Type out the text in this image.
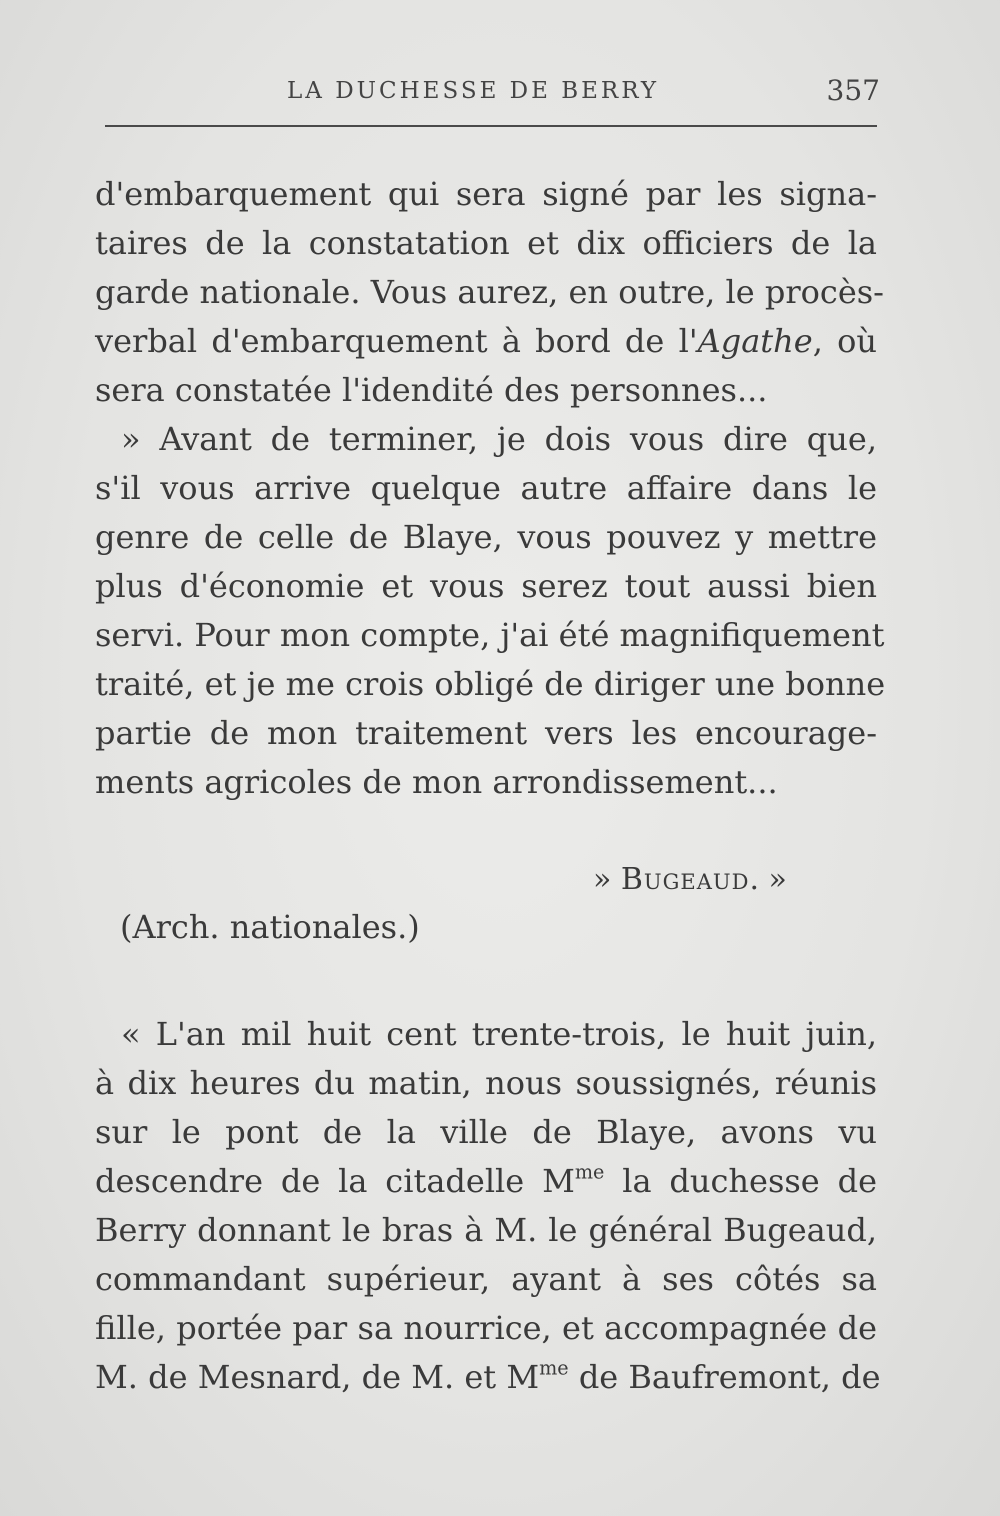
LA DUCHESSE DE BERRY	357
d'embarquement qui sera signé par les signa-
taires de la constatation et dix officiers de la
garde nationale. Vous aurez, en outre, le procès-
verbal d'embarquement à bord de l'Agathe, où
sera constatée l'idendité des personnes...
» Avant de terminer, je dois vous dire que,
s'il vous arrive quelque autre affaire dans le
genre de celle de Blaye, vous pouvez y mettre
plus d'économie et vous serez tout aussi bien
servi. Pour mon compte, j'ai été magnifiquement
traité, et je me crois obligé de diriger une bonne
partie de mon traitement vers les encourage-
ments agricoles de mon arrondissement...
» Bugeaud. »
(Arch. nationales.)
« L'an mil huit cent trente-trois, le huit juin,
à dix heures du matin, nous soussignés, réunis
sur le pont de la ville de Blaye, avons vu
descendre de la citadelle $M^{me}$ la duchesse de
Berry donnant le bras à M. le général Bugeaud,
commandant supérieur, ayant à ses côtés sa
fille, portée par sa nourrice, et accompagnée de
M. de Mesnard, de M. et $M^{me}$ de Baufremont, de
